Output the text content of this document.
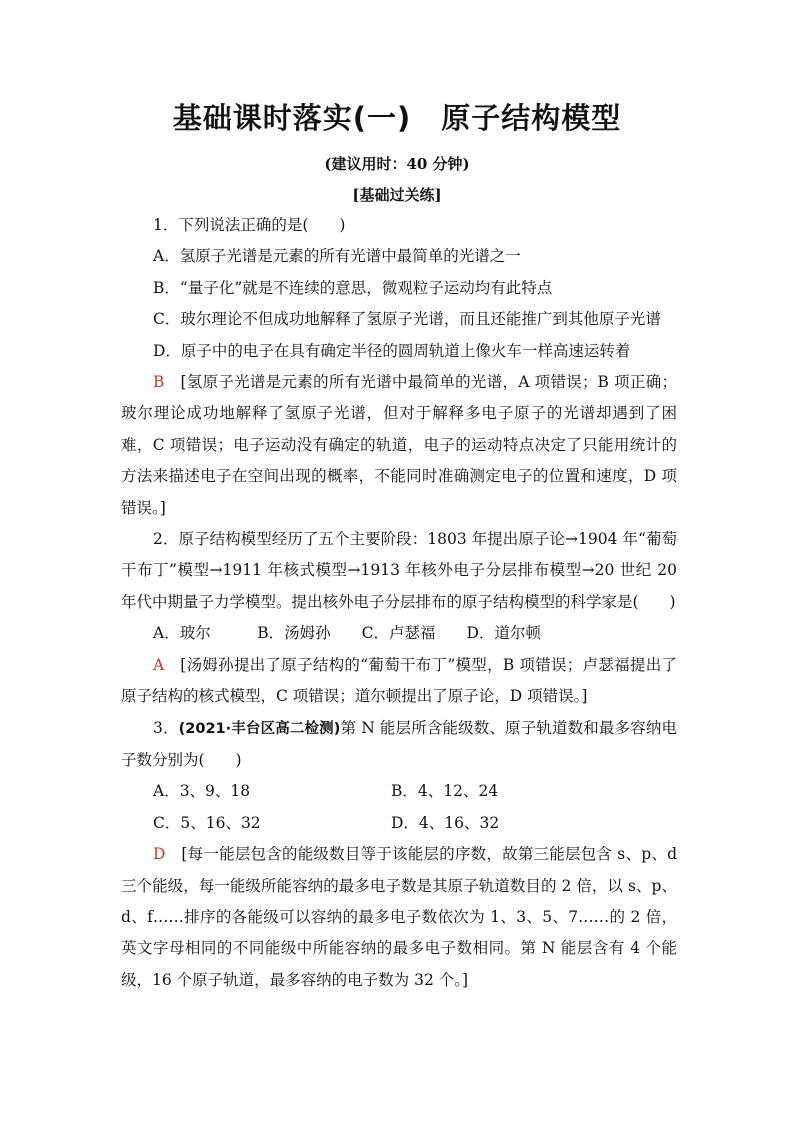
基础课时落实(一)　原子结构模型
(建议用时：40 分钟)
[基础过关练]

1．下列说法正确的是(　　)

A．氢原子光谱是元素的所有光谱中最简单的光谱之一

B．“量子化”就是不连续的意思，微观粒子运动均有此特点

C．玻尔理论不但成功地解释了氢原子光谱，而且还能推广到其他原子光谱

D．原子中的电子在具有确定半径的圆周轨道上像火车一样高速运转着

B　 [氢原子光谱是元素的所有光谱中最简单的光谱，A 项错误；B 项正确；玻尔理论成功地解释了氢原子光谱，但对于解释多电子原子的光谱却遇到了困难，C 项错误；电子运动没有确定的轨道，电子的运动特点决定了只能用统计的方法来描述电子在空间出现的概率，不能同时准确测定电子的位置和速度，D 项错误。]

2．原子结构模型经历了五个主要阶段：1803 年提出原子论→1904 年“葡萄干布丁”模型→1911 年核式模型→1913 年核外电子分层排布模型→20 世纪 20 年代中期量子力学模型。提出核外电子分层排布的原子结构模型的科学家是(　　)

A．玻尔　　　	B．汤姆孙　　 C．卢瑟福　　 D．道尔顿

A　 [汤姆孙提出了原子结构的“葡萄干布丁”模型，B 项错误；卢瑟福提出了原子结构的核式模型，C 项错误；道尔顿提出了原子论，D 项错误。]

3．(2021·丰台区高二检测)第 N 能层所含能级数、原子轨道数和最多容纳电子数分别为(　　)

A．3、9、18	B．4、12、24

C．5、16、32	D．4、16、32

D　 [每一能层包含的能级数目等于该能层的序数，故第三能层包含 s、p、d 三个能级，每一能级所能容纳的最多电子数是其原子轨道数目的 2 倍，以 s、p、d、f……排序的各能级可以容纳的最多电子数依次为 1、3、5、7……的 2 倍，英文字母相同的不同能级中所能容纳的最多电子数相同。第 N 能层含有 4 个能级，16 个原子轨道，最多容纳的电子数为 32 个。]
